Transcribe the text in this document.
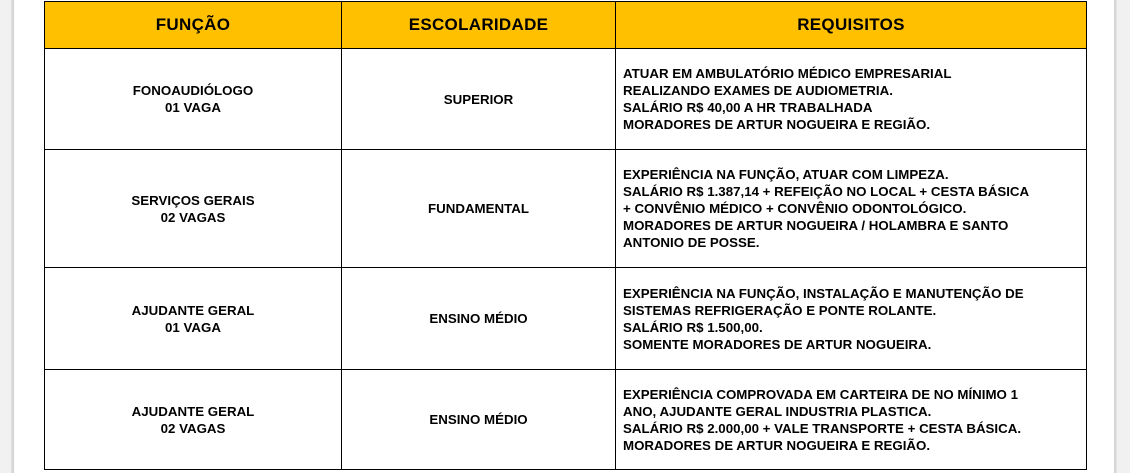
FUNÇÃO	ESCOLARIDADE	REQUISITOS

FONOAUDIÓLOGO
01 VAGA	SUPERIOR	ATUAR EM AMBULATÓRIO MÉDICO EMPRESARIAL
REALIZANDO EXAMES DE AUDIOMETRIA.
SALÁRIO R$ 40,00 A HR TRABALHADA
MORADORES DE ARTUR NOGUEIRA E REGIÃO.

SERVIÇOS GERAIS
02 VAGAS	FUNDAMENTAL	EXPERIÊNCIA NA FUNÇÃO, ATUAR COM LIMPEZA.
SALÁRIO R$ 1.387,14 + REFEIÇÃO NO LOCAL + CESTA BÁSICA
+ CONVÊNIO MÉDICO + CONVÊNIO ODONTOLÓGICO.
MORADORES DE ARTUR NOGUEIRA / HOLAMBRA E SANTO
ANTONIO DE POSSE.

AJUDANTE GERAL
01 VAGA	ENSINO MÉDIO	EXPERIÊNCIA NA FUNÇÃO, INSTALAÇÃO E MANUTENÇÃO DE
SISTEMAS REFRIGERAÇÃO E PONTE ROLANTE.
SALÁRIO R$ 1.500,00.
SOMENTE MORADORES DE ARTUR NOGUEIRA.

AJUDANTE GERAL
02 VAGAS	ENSINO MÉDIO	EXPERIÊNCIA COMPROVADA EM CARTEIRA DE NO MÍNIMO 1
ANO, AJUDANTE GERAL INDUSTRIA PLASTICA.
SALÁRIO R$ 2.000,00 + VALE TRANSPORTE + CESTA BÁSICA.
MORADORES DE ARTUR NOGUEIRA E REGIÃO.
